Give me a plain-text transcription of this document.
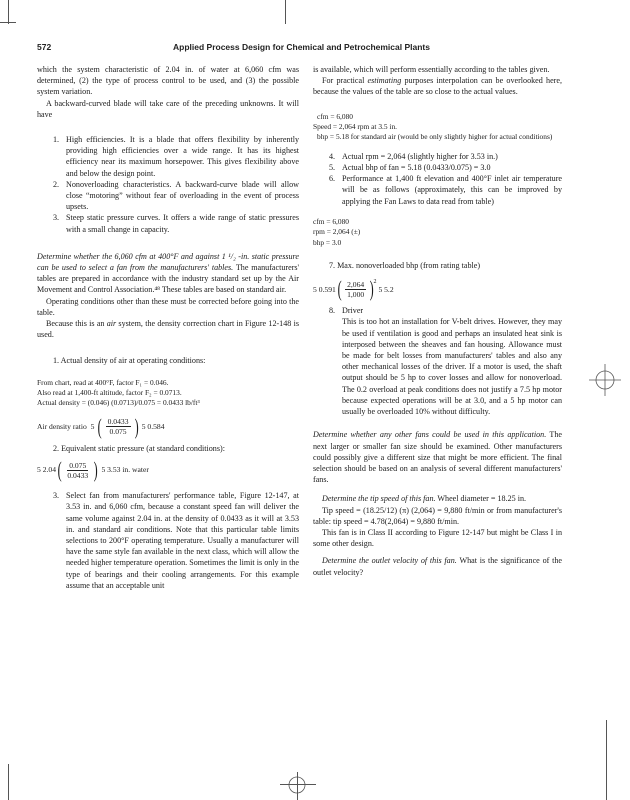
572	Applied Process Design for Chemical and Petrochemical Plants

which the system characteristic of 2.04 in. of water at 6,060 cfm was determined, (2) the type of process control to be used, and (3) the possible system variation.

A backward-curved blade will take care of the preceding unknowns. It will have

1. High efficiencies. It is a blade that offers flexibility by inherently providing high efficiencies over a wide range. It has its highest efficiency near its maximum horsepower. This gives flexibility above and below the design point.
2. Nonoverloading characteristics. A backward-curve blade will allow close “motoring” without fear of overloading in the event of process upsets.
3. Steep static pressure curves. It offers a wide range of static pressures with a small change in capacity.

Determine whether the 6,060 cfm at 400°F and against 1 ¹/₂ -in. static pressure can be used to select a fan from the manufacturers' tables. The manufacturers' tables are prepared in accordance with the industry standard set up by the Air Movement and Control Association.⁴⁸ These tables are based on standard air.

Operating conditions other than these must be corrected before going into the table.

Because this is an air system, the density correction chart in Figure 12-148 is used.

1. Actual density of air at operating conditions:

From chart, read at 400°F, factor F₁ = 0.046.
Also read at 1,400-ft altitude, factor F₂ = 0.0713.
Actual density = (0.046) (0.0713)/0.075 = 0.0433 lb/ft³
Air density ratio
5
( $\frac{0.0433}{0.075}$ )
5 0.584

2. Equivalent static pressure (at standard conditions):

5 2.04 ( $\frac{0.075}{0.0433}$ )
5 3.53 in. water
3. Select fan from manufacturers' performance table, Figure 12-147, at 3.53 in. and 6,060 cfm, because a constant speed fan will deliver the same volume against 2.04 in. at the density of 0.0433 as it will at 3.53 in. and standard air conditions. Note that this particular table limits selections to 200°F operating temperature. Usually a manufacturer will have the same style fan available in the next class, which will allow the needed higher temperature operation. Sometimes the limit is only in the type of bearings and their cooling arrangements. For this example assume that an acceptable unit

is available, which will perform essentially according to the tables given.

For practical estimating purposes interpolation can be overlooked here, because the values of the table are so close to the actual values.

cfm = 6,080
Speed = 2,064 rpm at 3.5 in.
bhp = 5.18 for standard air (would be only slightly higher for actual conditions)
4. Actual rpm = 2,064 (slightly higher for 3.53 in.)
5. Actual bhp of fan = 5.18 (0.0433/0.075) = 3.0
6. Performance at 1,400 ft elevation and 400°F inlet air temperature will be as follows (approximately, this can be improved by applying the Fan Laws to data read from table)
cfm = 6,080
rpm = 2,064 (±)
bhp = 3.0

7. Max. nonoverloaded bhp (from rating table)

5 0.591 ( $\frac{2,064}{1,000} )^2$

5 5.2
8. Driver
This is too hot an installation for V-belt drives. However, they may be used if ventilation is good and perhaps an insulated heat sink is interposed between the sheaves and fan housing. Allowance must be made for belt losses from manufacturers' tables and also any other mechanical losses of the driver. If a motor is used, the shaft output should be 5 hp to cover losses and allow for nonoverload. The 0.2 overload at peak conditions does not justify a 7.5 hp motor because expected operations will be at 3.0, and a 5 hp motor can usually be overloaded 10% without difficulty.

Determine whether any other fans could be used in this application. The next larger or smaller fan size should be examined. Other manufacturers could possibly give a different size that might be more efficient. The final selection should be based on an analysis of several different manufacturers' fans.

Determine the tip speed of this fan. Wheel diameter = 18.25 in.

Tip speed = (18.25/12) (π) (2,064) = 9,880 ft/min or from manufacturer's table: tip speed = 4.78(2,064) = 9,880 ft/min.

This fan is in Class II according to Figure 12-147 but might be Class I in some other design.

Determine the outlet velocity of this fan. What is the significance of the outlet velocity?
